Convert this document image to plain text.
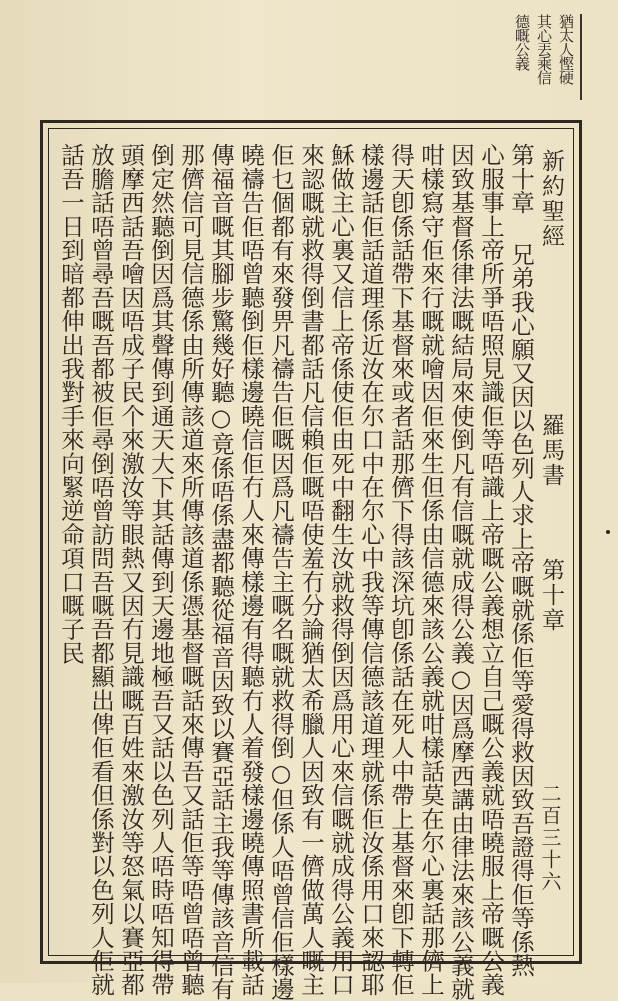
猶太人慳硬
其心丟乘信
德嘅公義
新約聖經
羅馬書
第十章
二百三十六
第十章 兄弟我心願又因以色列人求上帝嘅就係佢等愛得救因致吾證得佢等係熱
心服事上帝所爭唔照見識佢等唔識上帝嘅公義想立自己嘅公義就唔曉服上帝嘅公義
因致基督係律法嘅結局來使倒凡有信嘅就成得公義○因爲摩西講由律法來該公義就
咁樣寫守佢來行嘅就噲因佢來生但係由信德來該公義就咁樣話莫在尔心裏話那儕上
得天卽係話帶下基督來或者話那儕下得該深坑卽係話在死人中帶上基督來卽下轉佢
樣邊話佢話道理係近汝在尔口中在尔心中我等傳信德該道理就係佢汝係用口來認耶
穌做主心裏又信上帝係使佢由死中翻生汝就救得倒因爲用心來信嘅就成得公義用口
來認嘅就救得倒書都話凡信賴佢嘅唔使羞冇分論猶太希臘人因致有一儕做萬人嘅主
佢乜個都有來發畀凡禱告佢嘅因爲凡禱告主嘅名嘅就救得倒○但係人唔曾信佢樣邊
曉禱告佢唔曾聽倒佢樣邊曉信佢冇人來傳樣邊有得聽冇人着發樣邊曉傳照書所載話
傳福音嘅其腳步驚幾好聽○竟係唔係盡都聽從福音因致以賽亞話主我等傳該音信有
那儕信可見信德係由所傳該道來所傳該道係憑基督嘅話來傳吾又話佢等唔曾唔曾聽
倒定然聽倒因爲其聲傳到通天大下其話傳到天邊地極吾又話以色列人唔時唔知得帶
頭摩西話吾噲因唔成子民个來激汝等眼熱又因冇見識嘅百姓來激汝等怒氣以賽亞都
放膽話唔曾尋吾嘅吾都被佢尋倒唔曾訪問吾嘅吾都顯出俾佢看但係對以色列人佢就
話吾一日到暗都伸出我對手來向緊逆命項口嘅子民
